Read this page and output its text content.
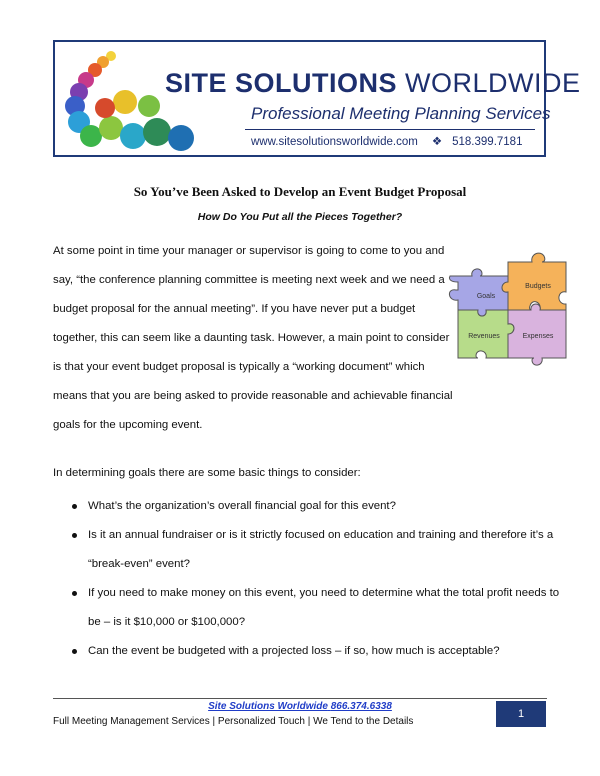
SITE SOLUTIONS WORLDWIDE
Professional Meeting Planning Services
www.sitesolutionsworldwide.com ❖ 518.399.7181
So You’ve Been Asked to Develop an Event Budget Proposal
How Do You Put all the Pieces Together?
At some point in time your manager or supervisor is going to come to you and
say, “the conference planning committee is meeting next week and we need a
budget proposal for the annual meeting”. If you have never put a budget
together, this can seem like a daunting task. However, a main point to consider
is that your event budget proposal is typically a “working document” which
means that you are being asked to provide reasonable and achievable financial
goals for the upcoming event.
Budgets
Goals
Revenues	Expenses
In determining goals there are some basic things to consider:
What’s the organization’s overall financial goal for this event?
Is it an annual fundraiser or is it strictly focused on education and training and therefore it’s a
“break-even” event?
If you need to make money on this event, you need to determine what the total profit needs to
be – is it $10,000 or $100,000?
Can the event be budgeted with a projected loss – if so, how much is acceptable?
Site Solutions Worldwide 866.374.6338
Full Meeting Management Services | Personalized Touch | We Tend to the Details
1
